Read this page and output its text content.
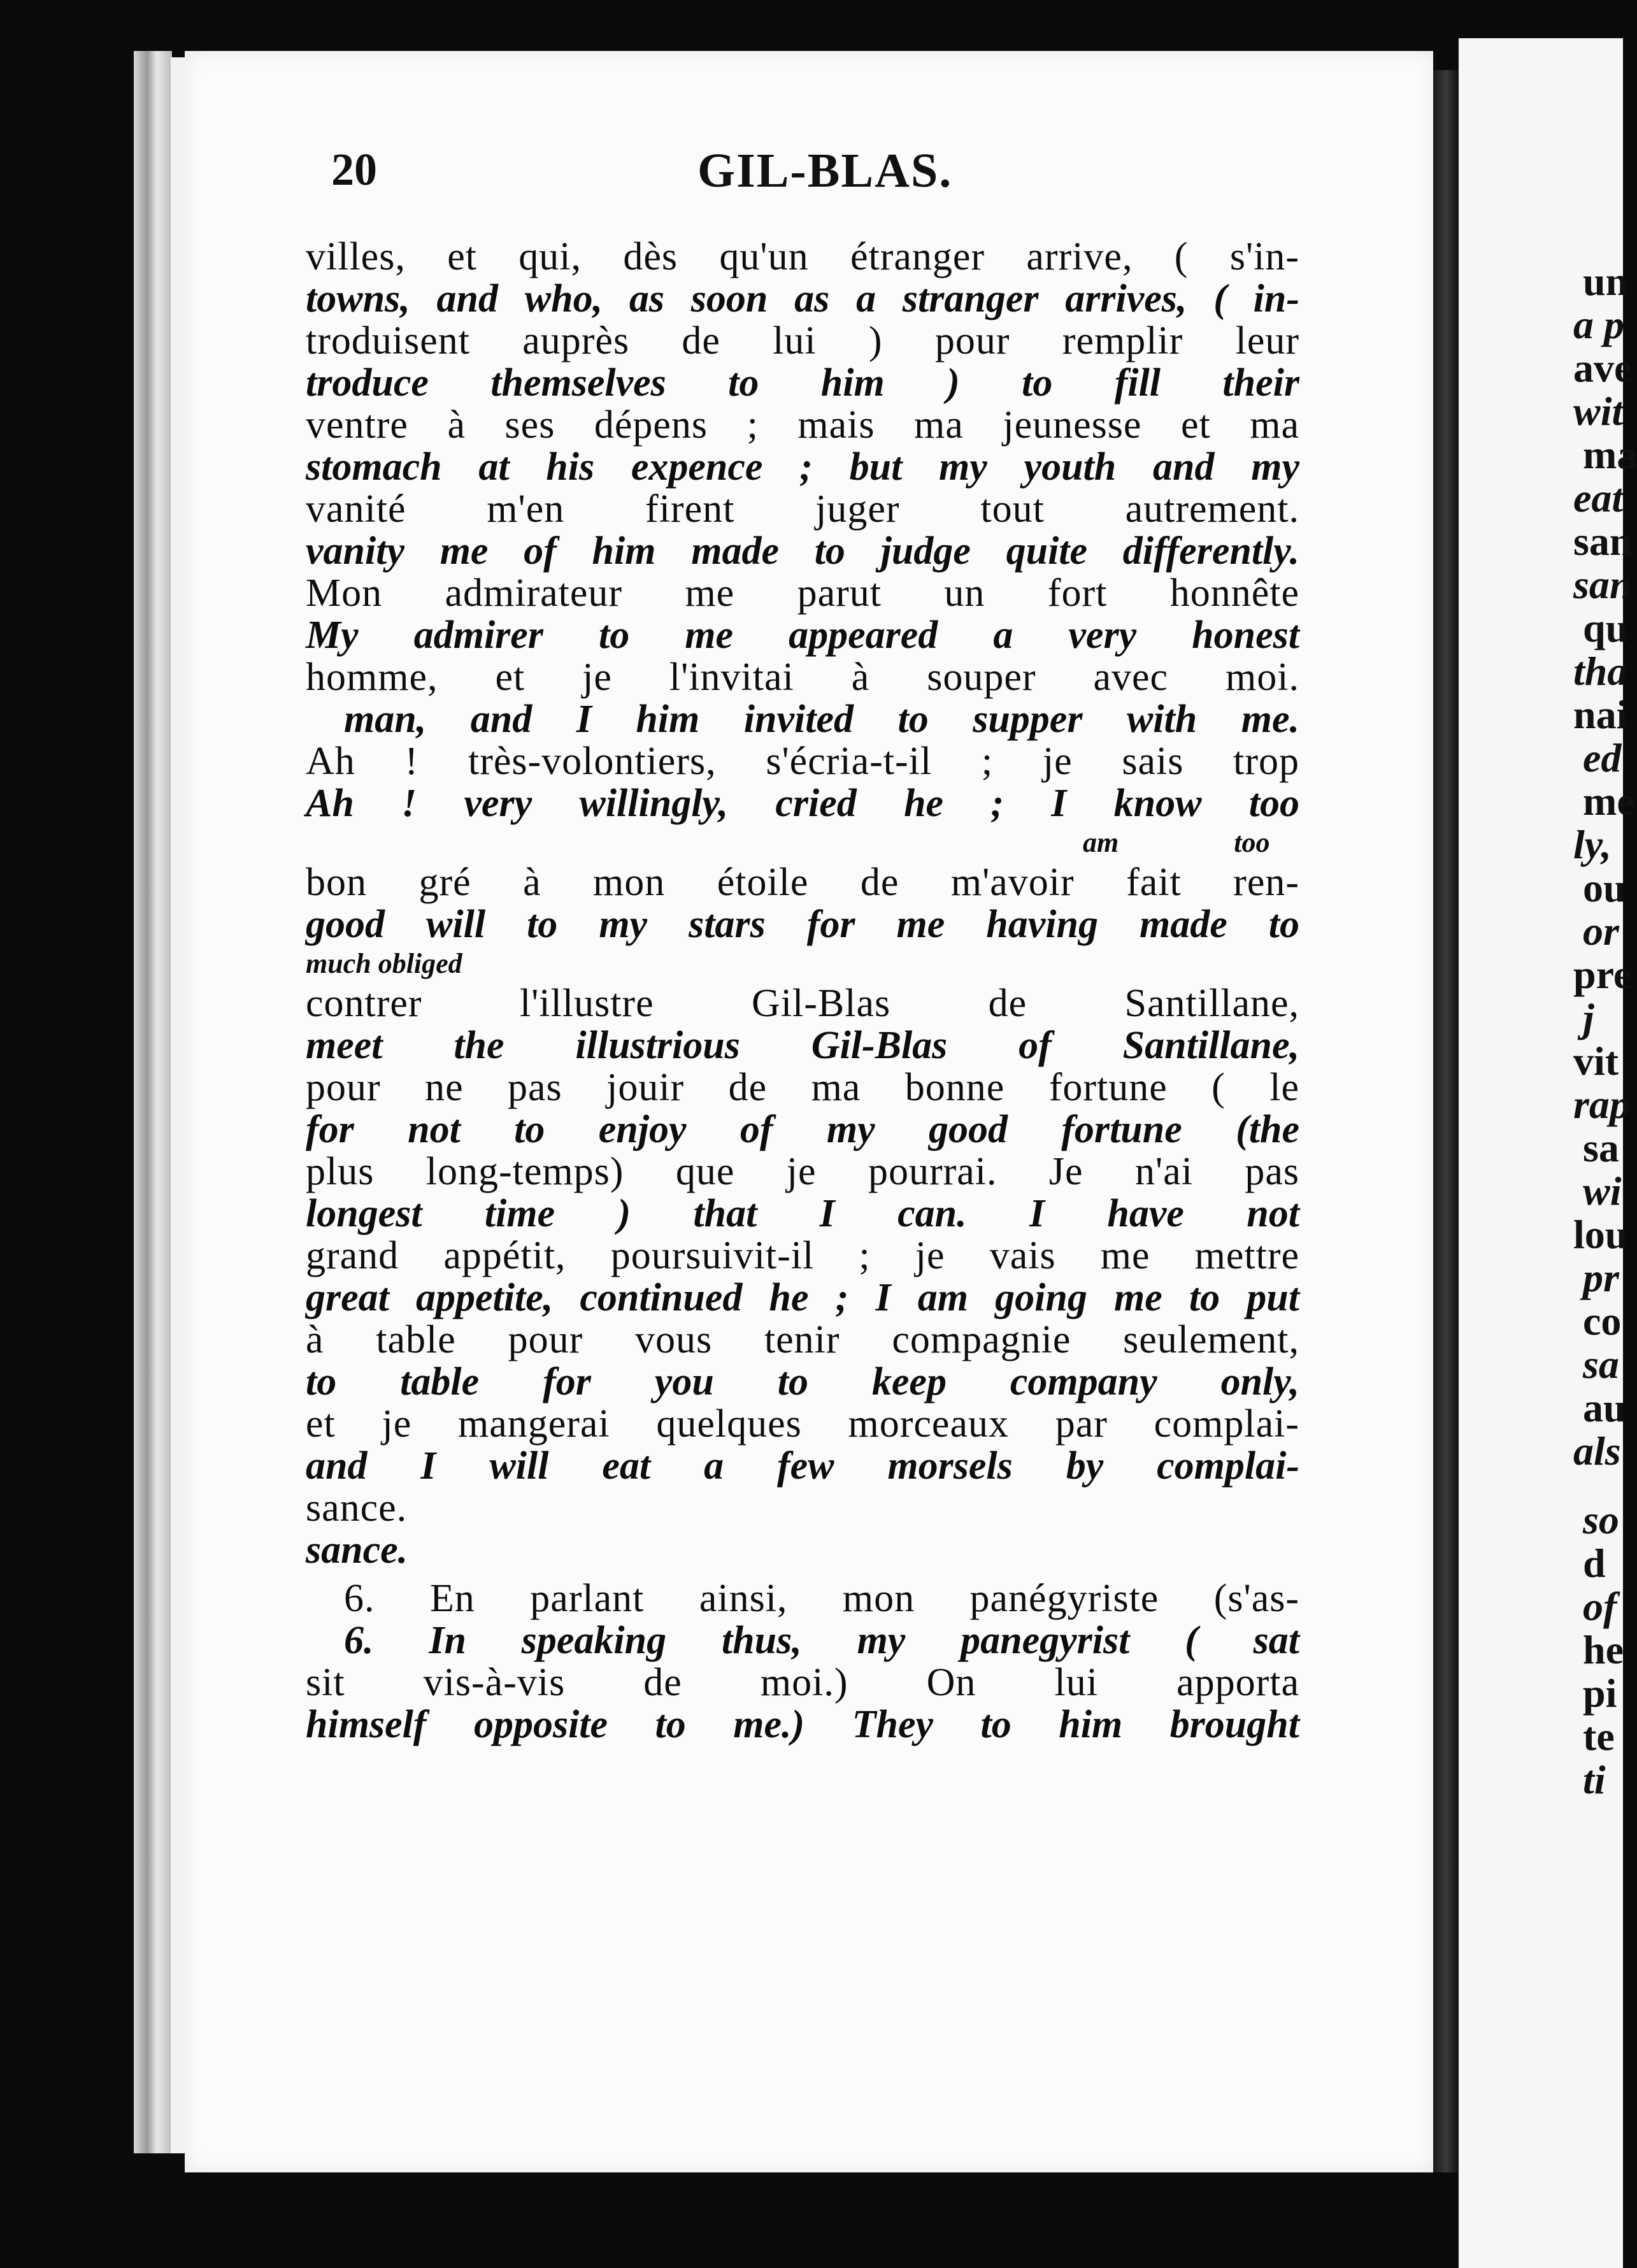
20	GIL-BLAS.
villes, et qui, dès qu'un étranger arrive, ( s'in-
towns, and who, as soon as a stranger arrives, ( in-
troduisent auprès de lui ) pour remplir leur
troduce themselves to him ) to fill their
ventre à ses dépens ; mais ma jeunesse et ma
stomach at his expence ; but my youth and my
vanité m'en firent juger tout autrement.
vanity me of him made to judge quite differently.
Mon admirateur me parut un fort honnête
My admirer to me appeared a very honest
homme, et je l'invitai à souper avec moi.
man, and I him invited to supper with me.
Ah ! très-volontiers, s'écria-t-il ; je sais trop
Ah ! very willingly, cried he ; I know too
am too
bon gré à mon étoile de m'avoir fait ren-
good will to my stars for me having made to
much obliged
contrer l'illustre Gil-Blas de Santillane,
meet the illustrious Gil-Blas of Santillane,
pour ne pas jouir de ma bonne fortune ( le
for not to enjoy of my good fortune (the
plus long-temps) que je pourrai. Je n'ai pas
longest time ) that I can. I have not
grand appétit, poursuivit-il ; je vais me mettre
great appetite, continued he ; I am going me to put
à table pour vous tenir compagnie seulement,
to table for you to keep company only,
et je mangerai quelques morceaux par complai-
and I will eat a few morsels by complai-
sance.
sance.
6. En parlant ainsi, mon panégyriste (s'as-
6. In speaking thus, my panegyrist ( sat
sit vis-à-vis de moi.) On lui apporta
himself opposite to me.) They to him brought
un
a p
ave
wit
ma
eat
san
san
qu
tha
nai
ed
me
ly,
ou
or
pre
j
vit
rap
sa
wi
lou
pr
co
sa
au
als
so
d
of
he
pi
te
ti
